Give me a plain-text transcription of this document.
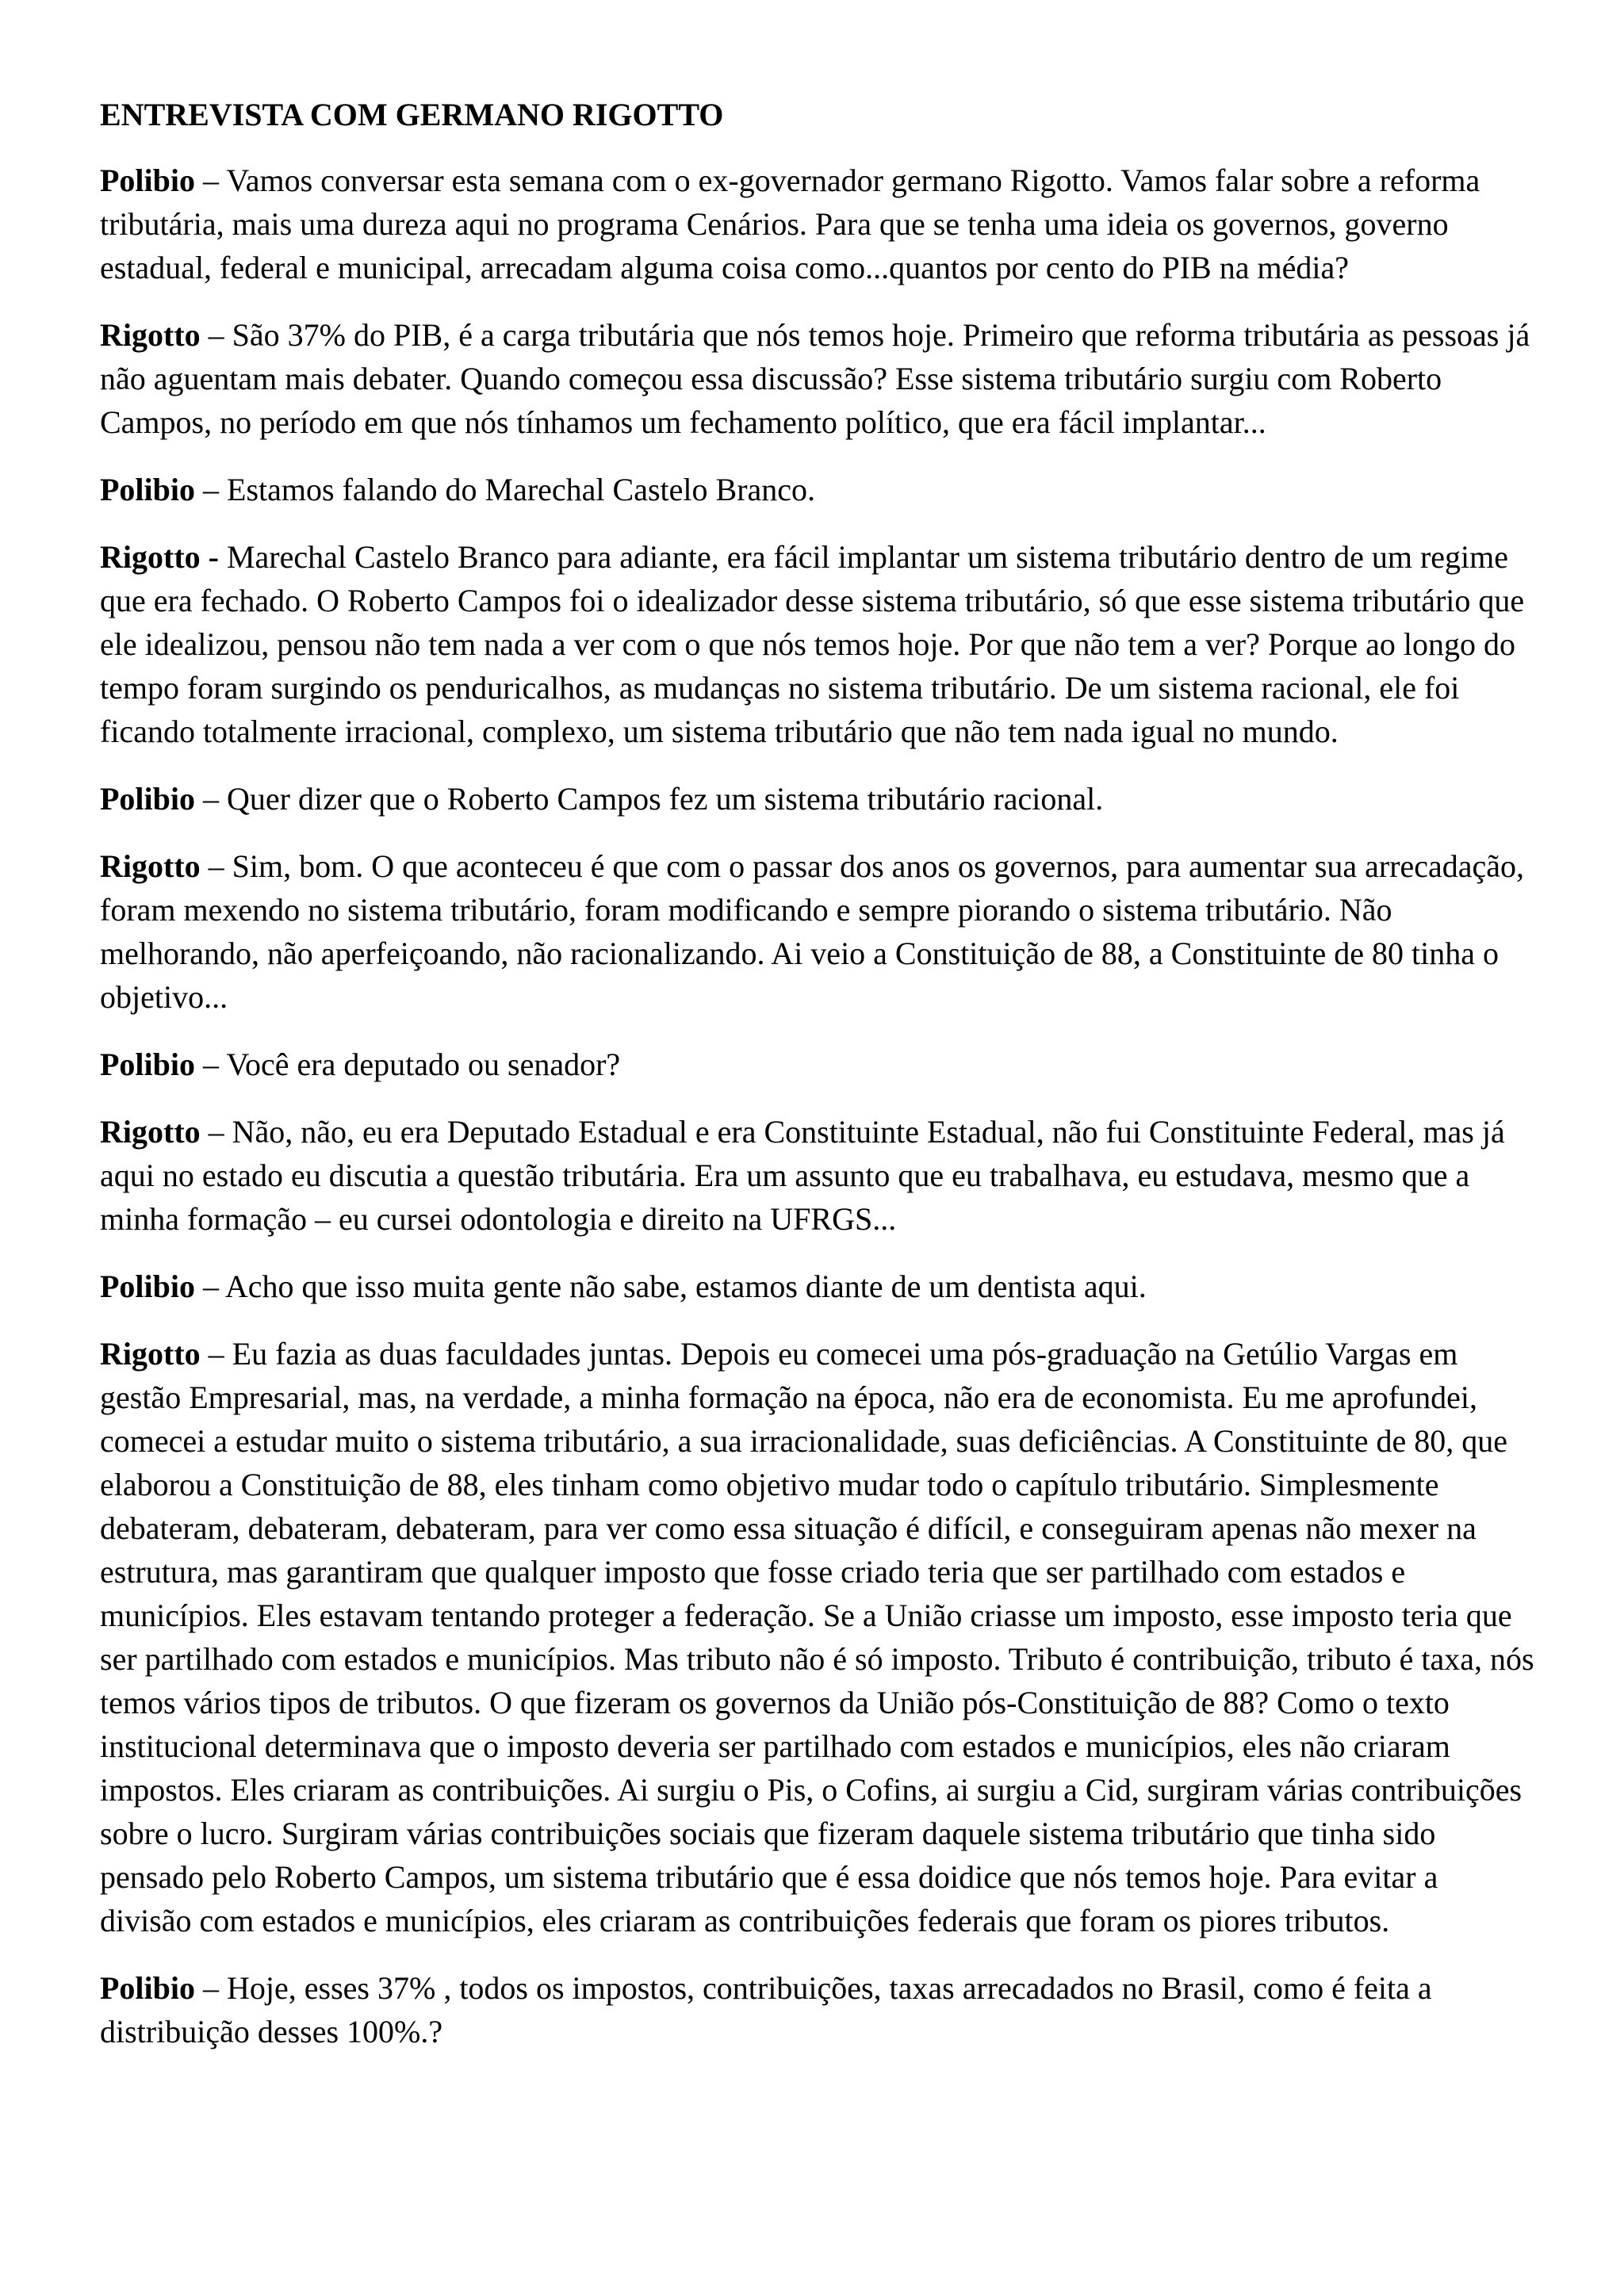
ENTREVISTA COM GERMANO RIGOTTO

Polibio – Vamos conversar esta semana com o ex-governador germano Rigotto. Vamos falar sobre a reforma tributária, mais uma dureza aqui no programa Cenários. Para que se tenha uma ideia os governos, governo estadual, federal e municipal, arrecadam alguma coisa como...quantos por cento do PIB na média?

Rigotto – São 37% do PIB, é a carga tributária que nós temos hoje. Primeiro que reforma tributária as pessoas já não aguentam mais debater. Quando começou essa discussão? Esse sistema tributário surgiu com Roberto Campos, no período em que nós tínhamos um fechamento político, que era fácil implantar...

Polibio – Estamos falando do Marechal Castelo Branco.

Rigotto - Marechal Castelo Branco para adiante, era fácil implantar um sistema tributário dentro de um regime que era fechado. O Roberto Campos foi o idealizador desse sistema tributário, só que esse sistema tributário que ele idealizou, pensou não tem nada a ver com o que nós temos hoje. Por que não tem a ver? Porque ao longo do tempo foram surgindo os penduricalhos, as mudanças no sistema tributário. De um sistema racional, ele foi ficando totalmente irracional, complexo, um sistema tributário que não tem nada igual no mundo.

Polibio – Quer dizer que o Roberto Campos fez um sistema tributário racional.

Rigotto – Sim, bom. O que aconteceu é que com o passar dos anos os governos, para aumentar sua arrecadação, foram mexendo no sistema tributário, foram modificando e sempre piorando o sistema tributário. Não melhorando, não aperfeiçoando, não racionalizando. Ai veio a Constituição de 88, a Constituinte de 80 tinha o objetivo...

Polibio – Você era deputado ou senador?

Rigotto – Não, não, eu era Deputado Estadual e era Constituinte Estadual, não fui Constituinte Federal, mas já aqui no estado eu discutia a questão tributária. Era um assunto que eu trabalhava, eu estudava, mesmo que a minha formação – eu cursei odontologia e direito na UFRGS...

Polibio – Acho que isso muita gente não sabe, estamos diante de um dentista aqui.

Rigotto – Eu fazia as duas faculdades juntas. Depois eu comecei uma pós-graduação na Getúlio Vargas em gestão Empresarial, mas, na verdade, a minha formação na época, não era de economista. Eu me aprofundei, comecei a estudar muito o sistema tributário, a sua irracionalidade, suas deficiências. A Constituinte de 80, que elaborou a Constituição de 88, eles tinham como objetivo mudar todo o capítulo tributário. Simplesmente debateram, debateram, debateram, para ver como essa situação é difícil, e conseguiram apenas não mexer na estrutura, mas garantiram que qualquer imposto que fosse criado teria que ser partilhado com estados e municípios. Eles estavam tentando proteger a federação. Se a União criasse um imposto, esse imposto teria que ser partilhado com estados e municípios. Mas tributo não é só imposto. Tributo é contribuição, tributo é taxa, nós temos vários tipos de tributos. O que fizeram os governos da União pós-Constituição de 88? Como o texto institucional determinava que o imposto deveria ser partilhado com estados e municípios, eles não criaram impostos. Eles criaram as contribuições. Ai surgiu o Pis, o Cofins, ai surgiu a Cid, surgiram várias contribuições sobre o lucro. Surgiram várias contribuições sociais que fizeram daquele sistema tributário que tinha sido pensado pelo Roberto Campos, um sistema tributário que é essa doidice que nós temos hoje. Para evitar a divisão com estados e municípios, eles criaram as contribuições federais que foram os piores tributos.

Polibio – Hoje, esses 37% , todos os impostos, contribuições, taxas arrecadados no Brasil, como é feita a distribuição desses 100%.?
